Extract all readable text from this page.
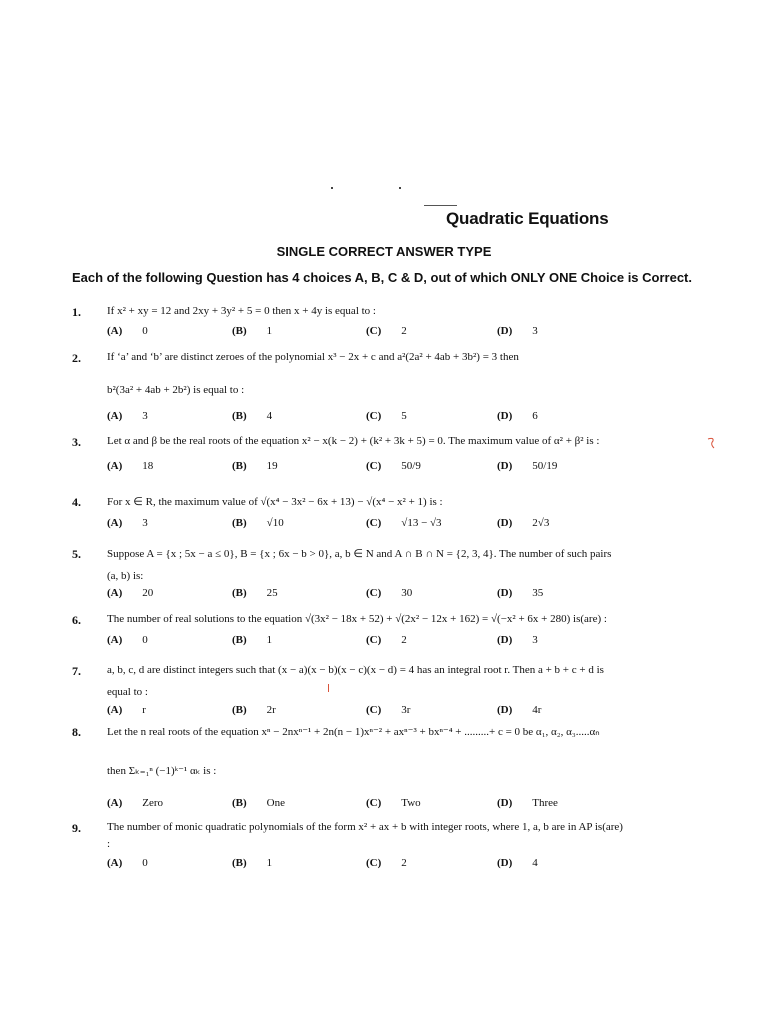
Quadratic Equations
SINGLE CORRECT ANSWER TYPE
Each of the following Question has 4 choices A, B, C & D, out of which ONLY ONE Choice is Correct.
1. If x² + xy = 12 and 2xy + 3y² + 5 = 0 then x + 4y is equal to :
(A) 0	(B) 1	(C) 2	(D) 3
2. If ‘a’ and ‘b’ are distinct zeroes of the polynomial x³ − 2x + c and a²(2a² + 4ab + 3b²) = 3 then
b²(3a² + 4ab + 2b²) is equal to :
(A) 3	(B) 4	(C) 5	(D) 6
3. Let α and β be the real roots of the equation x² − x(k − 2) + (k² + 3k + 5) = 0. The maximum value of α² + β² is :
(A) 18	(B) 19	(C) 50/9	(D) 50/19
4. For x ∈ R, the maximum value of √(x⁴ − 3x² − 6x + 13) − √(x⁴ − x² + 1) is :
(A) 3	(B) √10	(C) √13 − √3	(D) 2√3
5. Suppose A = {x ; 5x − a ≤ 0}, B = {x ; 6x − b > 0}, a, b ∈ N and A ∩ B ∩ N = {2, 3, 4}. The number of such pairs
(a, b) is:
(A) 20	(B) 25	(C) 30	(D) 35
6. The number of real solutions to the equation √(3x² − 18x + 52) + √(2x² − 12x + 162) = √(−x² + 6x + 280) is(are) :
(A) 0	(B) 1	(C) 2	(D) 3
7. a, b, c, d are distinct integers such that (x − a)(x − b)(x − c)(x − d) = 4 has an integral root r. Then a + b + c + d is
equal to :
(A) r	(B) 2r	(C) 3r	(D) 4r
8. Let the n real roots of the equation xⁿ − 2nxⁿ⁻¹ + 2n(n − 1)xⁿ⁻² + axⁿ⁻³ + bxⁿ⁻⁴ + .........+ c = 0 be α₁, α₂, α₃.....αₙ
then Σₖ₌₁ⁿ (−1)ᵏ⁻¹ αₖ is :
(A) Zero	(B) One	(C) Two	(D) Three
9. The number of monic quadratic polynomials of the form x² + ax + b with integer roots, where 1, a, b are in AP is(are)
:
(A) 0	(B) 1	(C) 2	(D) 4
